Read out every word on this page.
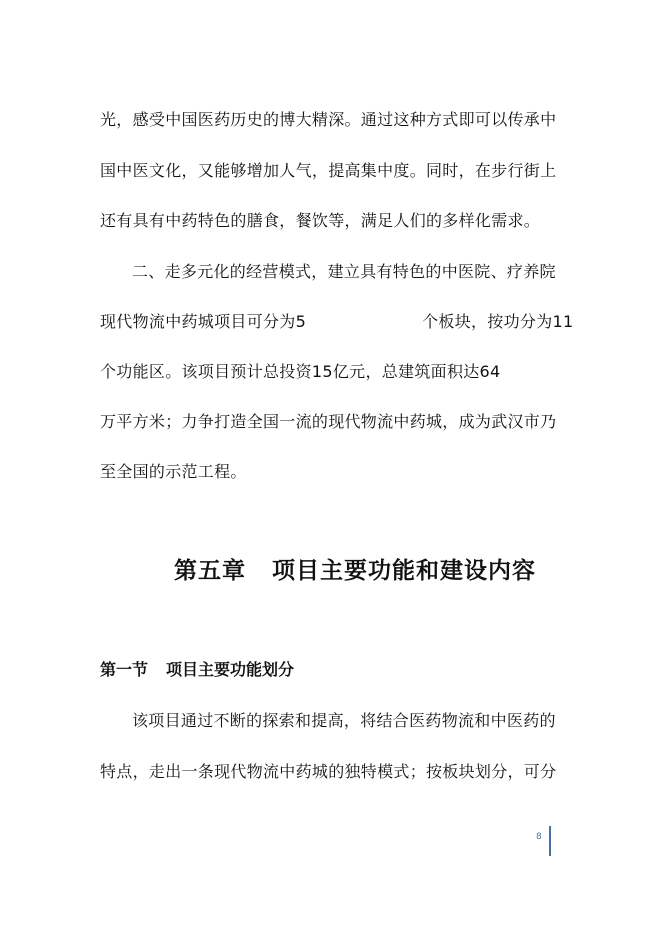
光，感受中国医药历史的博大精深。通过这种方式即可以传承中
国中医文化，又能够增加人气，提高集中度。同时，在步行街上
还有具有中药特色的膳食，餐饮等，满足人们的多样化需求。
二、走多元化的经营模式，建立具有特色的中医院、疗养院
现代物流中药城项目可分为5	个板块，按功分为11
个功能区。该项目预计总投资15亿元，总建筑面积达64
万平方米；力争打造全国一流的现代物流中药城，成为武汉市乃
至全国的示范工程。
第五章 项目主要功能和建设内容
第一节 项目主要功能划分
该项目通过不断的探索和提高，将结合医药物流和中医药的
特点，走出一条现代物流中药城的独特模式；按板块划分，可分
8
